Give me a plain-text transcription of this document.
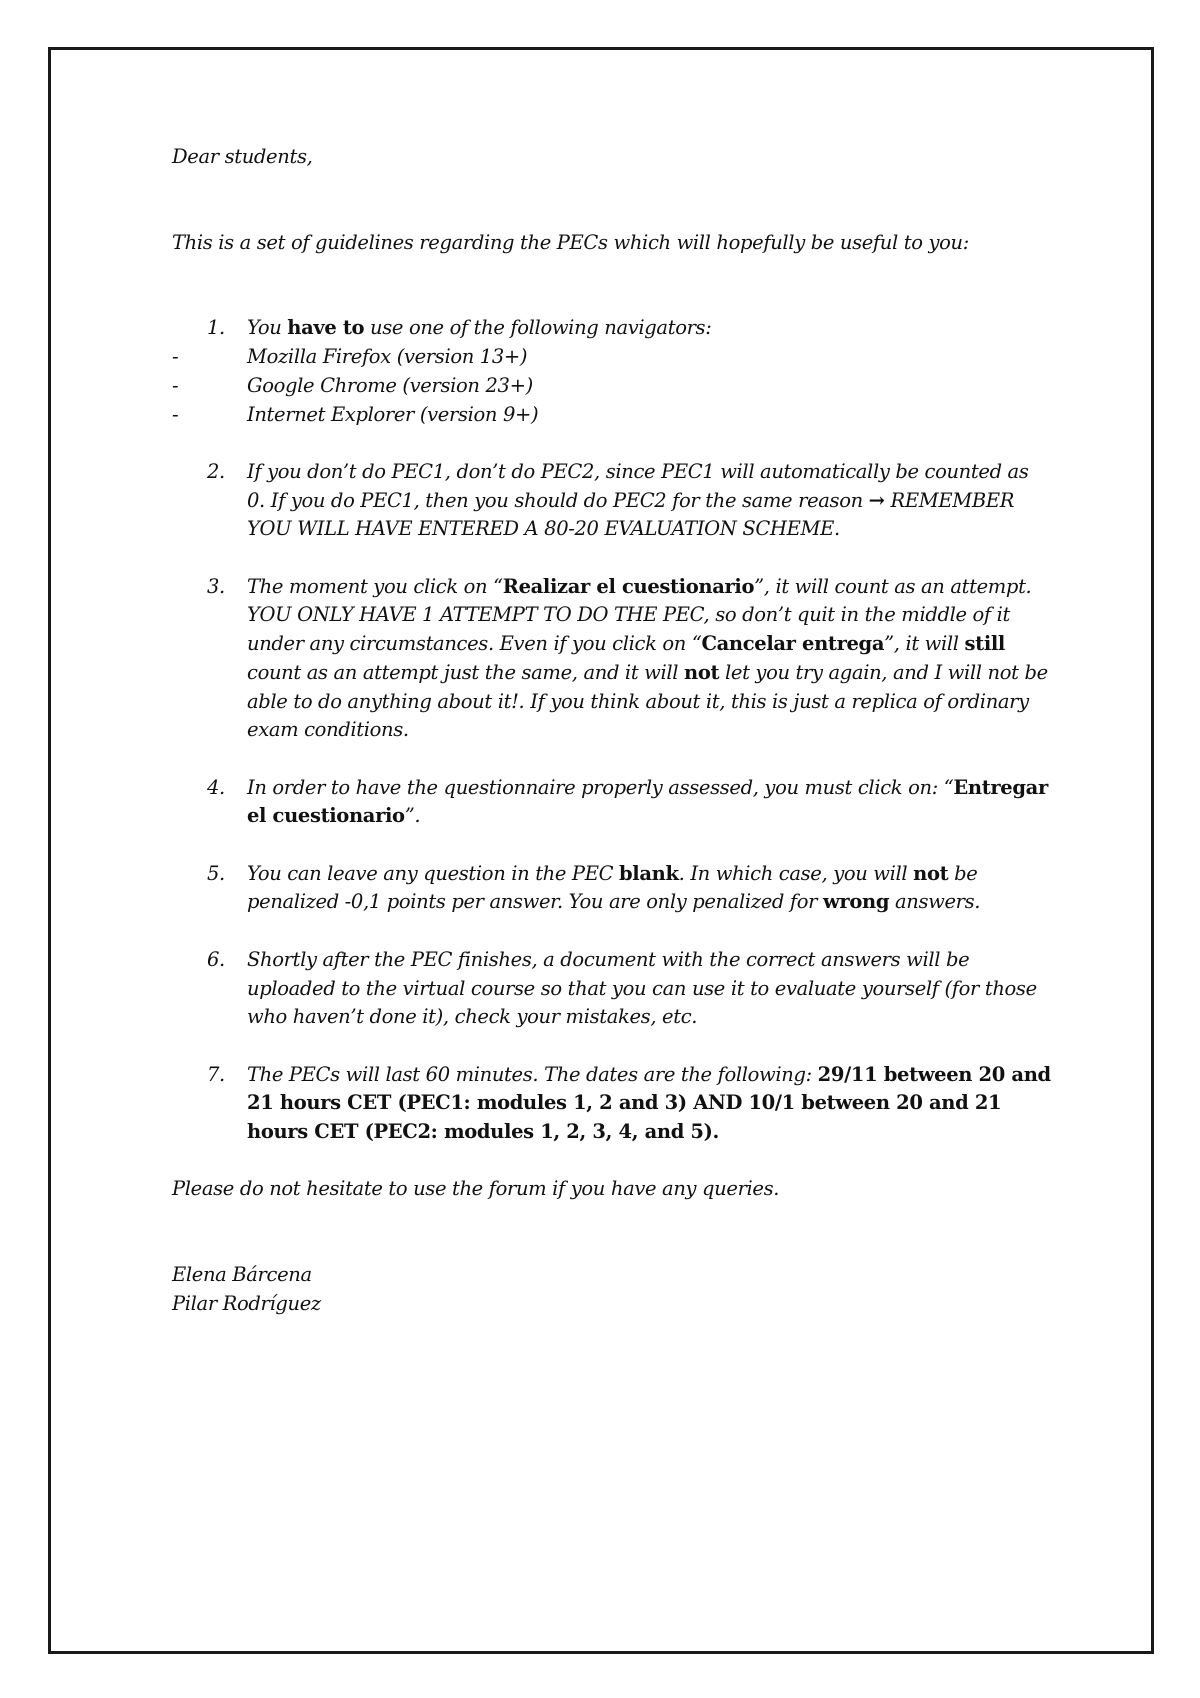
Dear students,

This is a set of guidelines regarding the PECs which will hopefully be useful to you:

1. You have to use one of the following navigators:
-	Mozilla Firefox (version 13+)
-	Google Chrome (version 23+)
-	Internet Explorer (version 9+)
2. If you don’t do PEC1, don’t do PEC2, since PEC1 will automatically be counted as 0. If you do PEC1, then you should do PEC2 for the same reason → REMEMBER YOU WILL HAVE ENTERED A 80-20 EVALUATION SCHEME.
3. The moment you click on “Realizar el cuestionario”, it will count as an attempt. YOU ONLY HAVE 1 ATTEMPT TO DO THE PEC, so don’t quit in the middle of it under any circumstances. Even if you click on “Cancelar entrega”, it will still count as an attempt just the same, and it will not let you try again, and I will not be able to do anything about it!. If you think about it, this is just a replica of ordinary exam conditions.
4. In order to have the questionnaire properly assessed, you must click on: “Entregar el cuestionario”.
5. You can leave any question in the PEC blank. In which case, you will not be penalized -0,1 points per answer. You are only penalized for wrong answers.
6. Shortly after the PEC finishes, a document with the correct answers will be uploaded to the virtual course so that you can use it to evaluate yourself (for those who haven’t done it), check your mistakes, etc.
7. The PECs will last 60 minutes. The dates are the following: 29/11 between 20 and 21 hours CET (PEC1: modules 1, 2 and 3) AND 10/1 between 20 and 21 hours CET (PEC2: modules 1, 2, 3, 4, and 5).

Please do not hesitate to use the forum if you have any queries.

Elena Bárcena

Pilar Rodríguez
